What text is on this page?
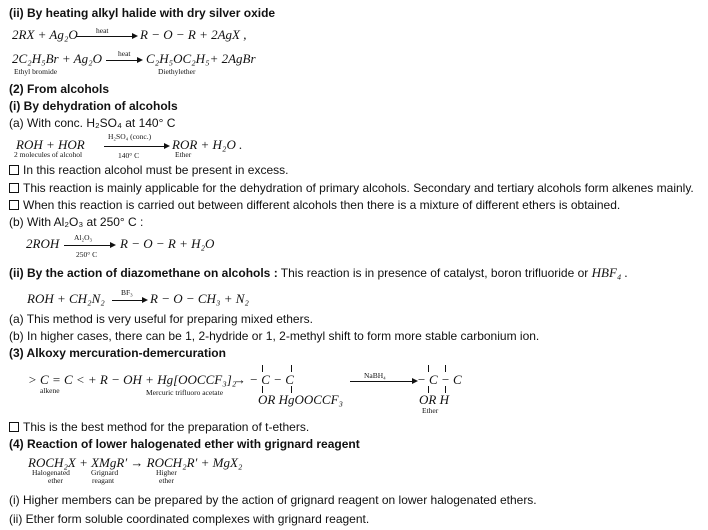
(ii) By heating alkyl halide with dry silver oxide
2RX + Ag₂O heat R − O − R + 2AgX ,
2C₂H₅Br + Ag₂O heat → C₂H₅OC₂H₅+ 2AgBr
Ethyl bromide	Diethylether
(2) From alcohols
(i) By dehydration of alcohols
(a) With conc. H₂SO₄ at 140° C
ROH + HOR
H₂SO₄ (conc.)
140° C
ROR + H₂O .
2 molecules of alcohol	Ether
In this reaction alcohol must be present in excess.
This reaction is mainly applicable for the dehydration of primary alcohols. Secondary and tertiary alcohols form alkenes mainly.
When this reaction is carried out between different alcohols then there is a mixture of different ethers is obtained.
(b) With Al₂O₃ at 250° C :
2ROH Al₂O₃
250° C
R − O − R + H₂O
(ii) By the action of diazomethane on alcohols : This reaction is in presence of catalyst, boron trifluoride or HBF₄ .
ROH + CH₂N₂ BF₃ → R − O − CH₃ + N₂
(a) This method is very useful for preparing mixed ethers.
(b) In higher cases, there can be 1, 2-hydride or 1, 2-methyl shift to form more stable carbonium ion.
(3) Alkoxy mercuration-demercuration
> C = C < + R − OH + Hg[OOCCF₃]₂
alkene	Mercuric trifluoro acetate
→ − C − C
OR HgOOCCF₃
NaBH₄ − C − C
OR H
Ether
This is the best method for the preparation of t-ethers.
(4) Reaction of lower halogenated ether with grignard reagent
ROCH₂X + XMgR′ → ROCH₂R′ + MgX₂
Halogenated
ether
Grignard
reagant
Higher
ether
(i) Higher members can be prepared by the action of grignard reagent on lower halogenated ethers.
(ii) Ether form soluble coordinated complexes with grignard reagent.
